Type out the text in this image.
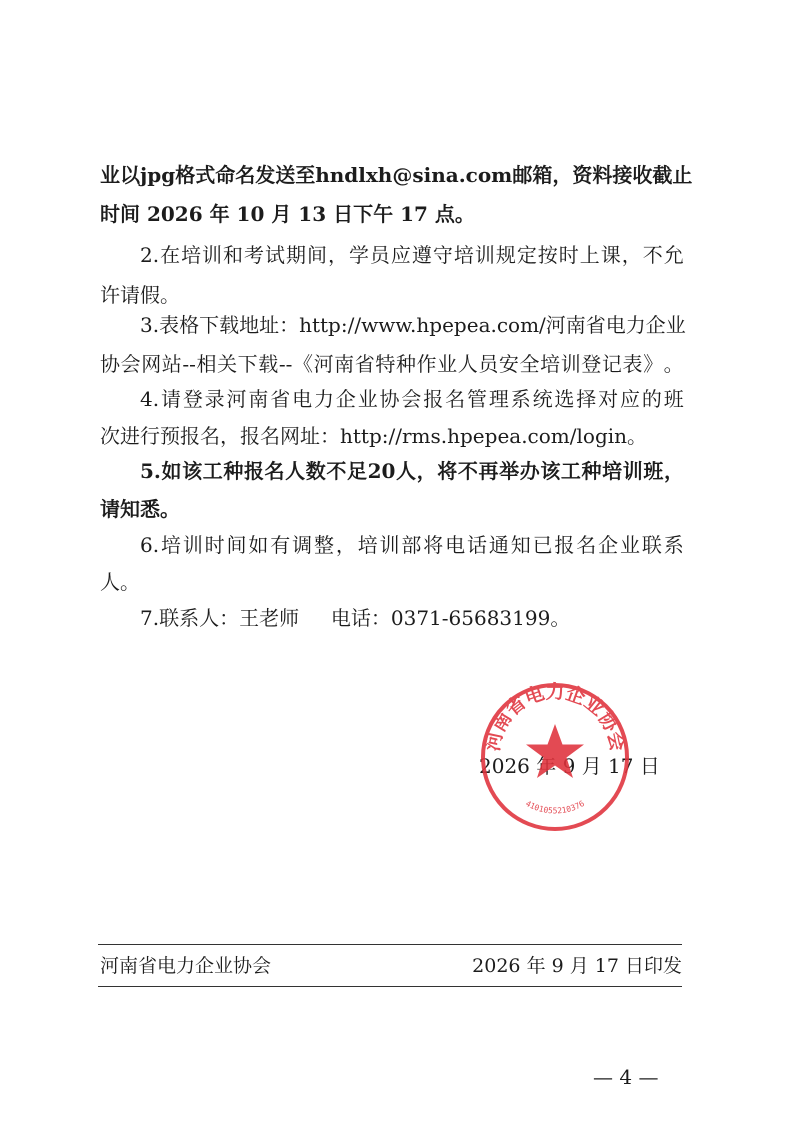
业 以 jpg 格 式 命 名 发 送 至 hndlxh@sina.com 邮 箱 ， 资 料 接 收 截 止
时间 2026 年 10 月 13 日下午 17 点。
2. 在 培 训 和 考 试 期 间 ， 学 员 应 遵 守 培 训 规 定 按 时 上 课 ， 不 允
许请假。
3. 表 格 下 载 地 址 ： http://www.hpepea.com/ 河 南 省 电 力 企 业
协 会 网 站 -- 相 关 下 载 -- 《 河 南 省 特 种 作 业 人 员 安 全 培 训 登 记 表 》 。
4. 请 登 录 河 南 省 电 力 企 业 协 会 报 名 管 理 系 统 选 择 对 应 的 班
次进行预报名，报名网址：http://rms.hpepea.com/login。
5. 如 该 工 种 报 名 人 数 不 足 20 人 ， 将 不 再 举 办 该 工 种 培 训 班 ，
请知悉。
6. 培 训 时 间 如 有 调 整 ， 培 训 部 将 电 话 通 知 已 报 名 企 业 联 系
人。
7.联系人：王老师     电话：0371-65683199。
2026 年 9 月 17 日
河南省电力企业协会
4101055210376
河南省电力企业协会	2026 年 9 月 17 日印发
— 4 —
